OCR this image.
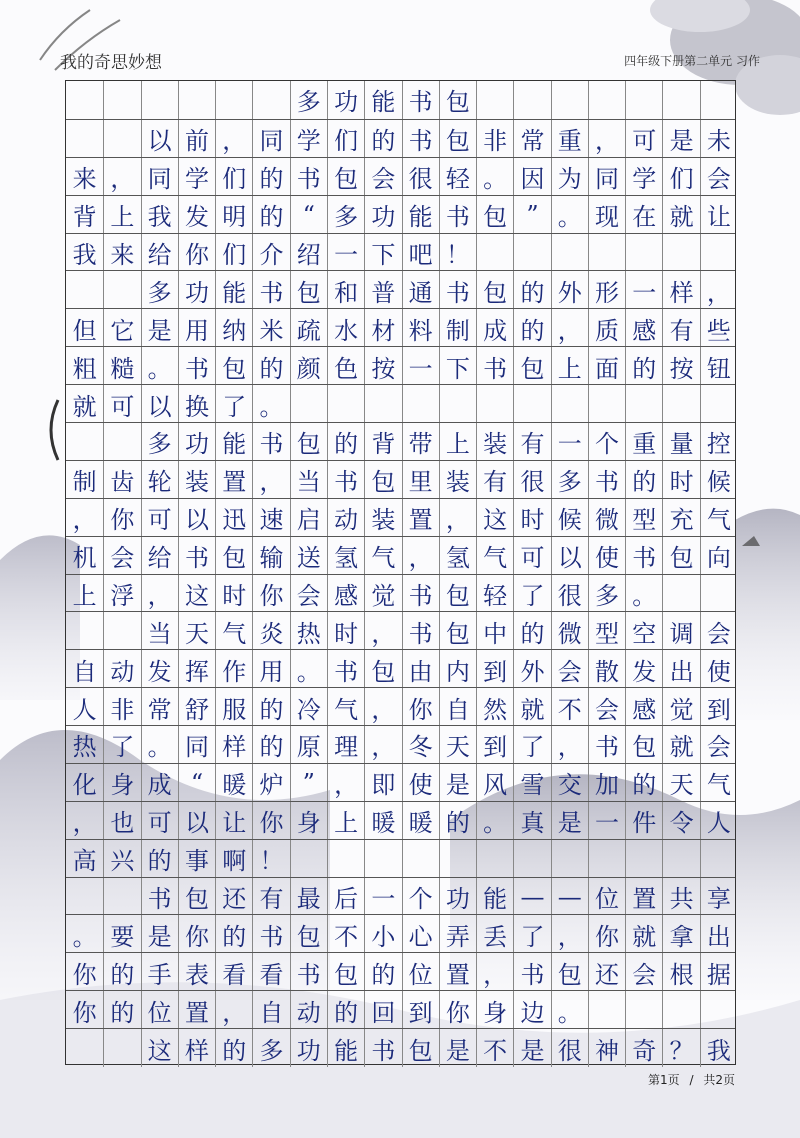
我的奇思妙想	四年级下册第二单元 习作
多 功 能 书 包
以 前 ， 同 学 们 的 书 包 非 常 重 ， 可 是 未
来 ， 同 学 们 的 书 包 会 很 轻 。 因 为 同 学 们 会
背 上 我 发 明 的 “ 多 功 能 书 包 ” 。 现 在 就 让
我 来 给 你 们 介 绍 一 下 吧 ！
多 功 能 书 包 和 普 通 书 包 的 外 形 一 样 ，
但 它 是 用 纳 米 疏 水 材 料 制 成 的 ， 质 感 有 些
粗 糙 。 书 包 的 颜 色 按 一 下 书 包 上 面 的 按 钮
就 可 以 换 了 。
多 功 能 书 包 的 背 带 上 装 有 一 个 重 量 控
制 齿 轮 装 置 ， 当 书 包 里 装 有 很 多 书 的 时 候
， 你 可 以 迅 速 启 动 装 置 ， 这 时 候 微 型 充 气
机 会 给 书 包 输 送 氢 气 ， 氢 气 可 以 使 书 包 向
上 浮 ， 这 时 你 会 感 觉 书 包 轻 了 很 多 。
当 天 气 炎 热 时 ， 书 包 中 的 微 型 空 调 会
自 动 发 挥 作 用 。 书 包 由 内 到 外 会 散 发 出 使
人 非 常 舒 服 的 冷 气 ， 你 自 然 就 不 会 感 觉 到
热 了 。 同 样 的 原 理 ， 冬 天 到 了 ， 书 包 就 会
化 身 成 “ 暖 炉 ” ， 即 使 是 风 雪 交 加 的 天 气
， 也 可 以 让 你 身 上 暖 暖 的 。 真 是 一 件 令 人
高 兴 的 事 啊 ！
书 包 还 有 最 后 一 个 功 能 — — 位 置 共 享
。 要 是 你 的 书 包 不 小 心 弄 丢 了 ， 你 就 拿 出
你 的 手 表 看 看 书 包 的 位 置 ， 书 包 还 会 根 据
你 的 位 置 ， 自 动 的 回 到 你 身 边 。
这 样 的 多 功 能 书 包 是 不 是 很 神 奇 ？ 我
第1页 / 共2页
